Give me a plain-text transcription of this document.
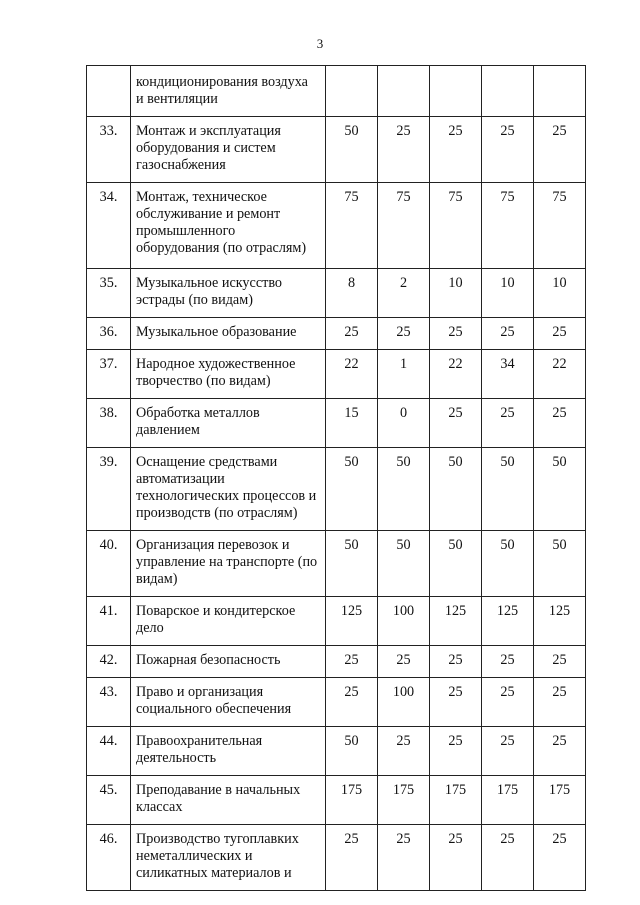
3
	кондиционирования воздуха и вентиляции					
33.	Монтаж и эксплуатация оборудования и систем газоснабжения	50	25	25	25	25
34.	Монтаж, техническое обслуживание и ремонт промышленного оборудования (по отраслям)	75	75	75	75	75
35.	Музыкальное искусство эстрады (по видам)	8	2	10	10	10
36.	Музыкальное образование	25	25	25	25	25
37.	Народное художественное творчество (по видам)	22	1	22	34	22
38.	Обработка металлов давлением	15	0	25	25	25
39.	Оснащение средствами автоматизации технологических процессов и производств (по отраслям)	50	50	50	50	50
40.	Организация перевозок и управление на транспорте (по видам)	50	50	50	50	50
41.	Поварское и кондитерское дело	125	100	125	125	125
42.	Пожарная безопасность	25	25	25	25	25
43.	Право и организация социального обеспечения	25	100	25	25	25
44.	Правоохранительная деятельность	50	25	25	25	25
45.	Преподавание в начальных классах	175	175	175	175	175
46.	Производство тугоплавких неметаллических и силикатных материалов и	25	25	25	25	25
